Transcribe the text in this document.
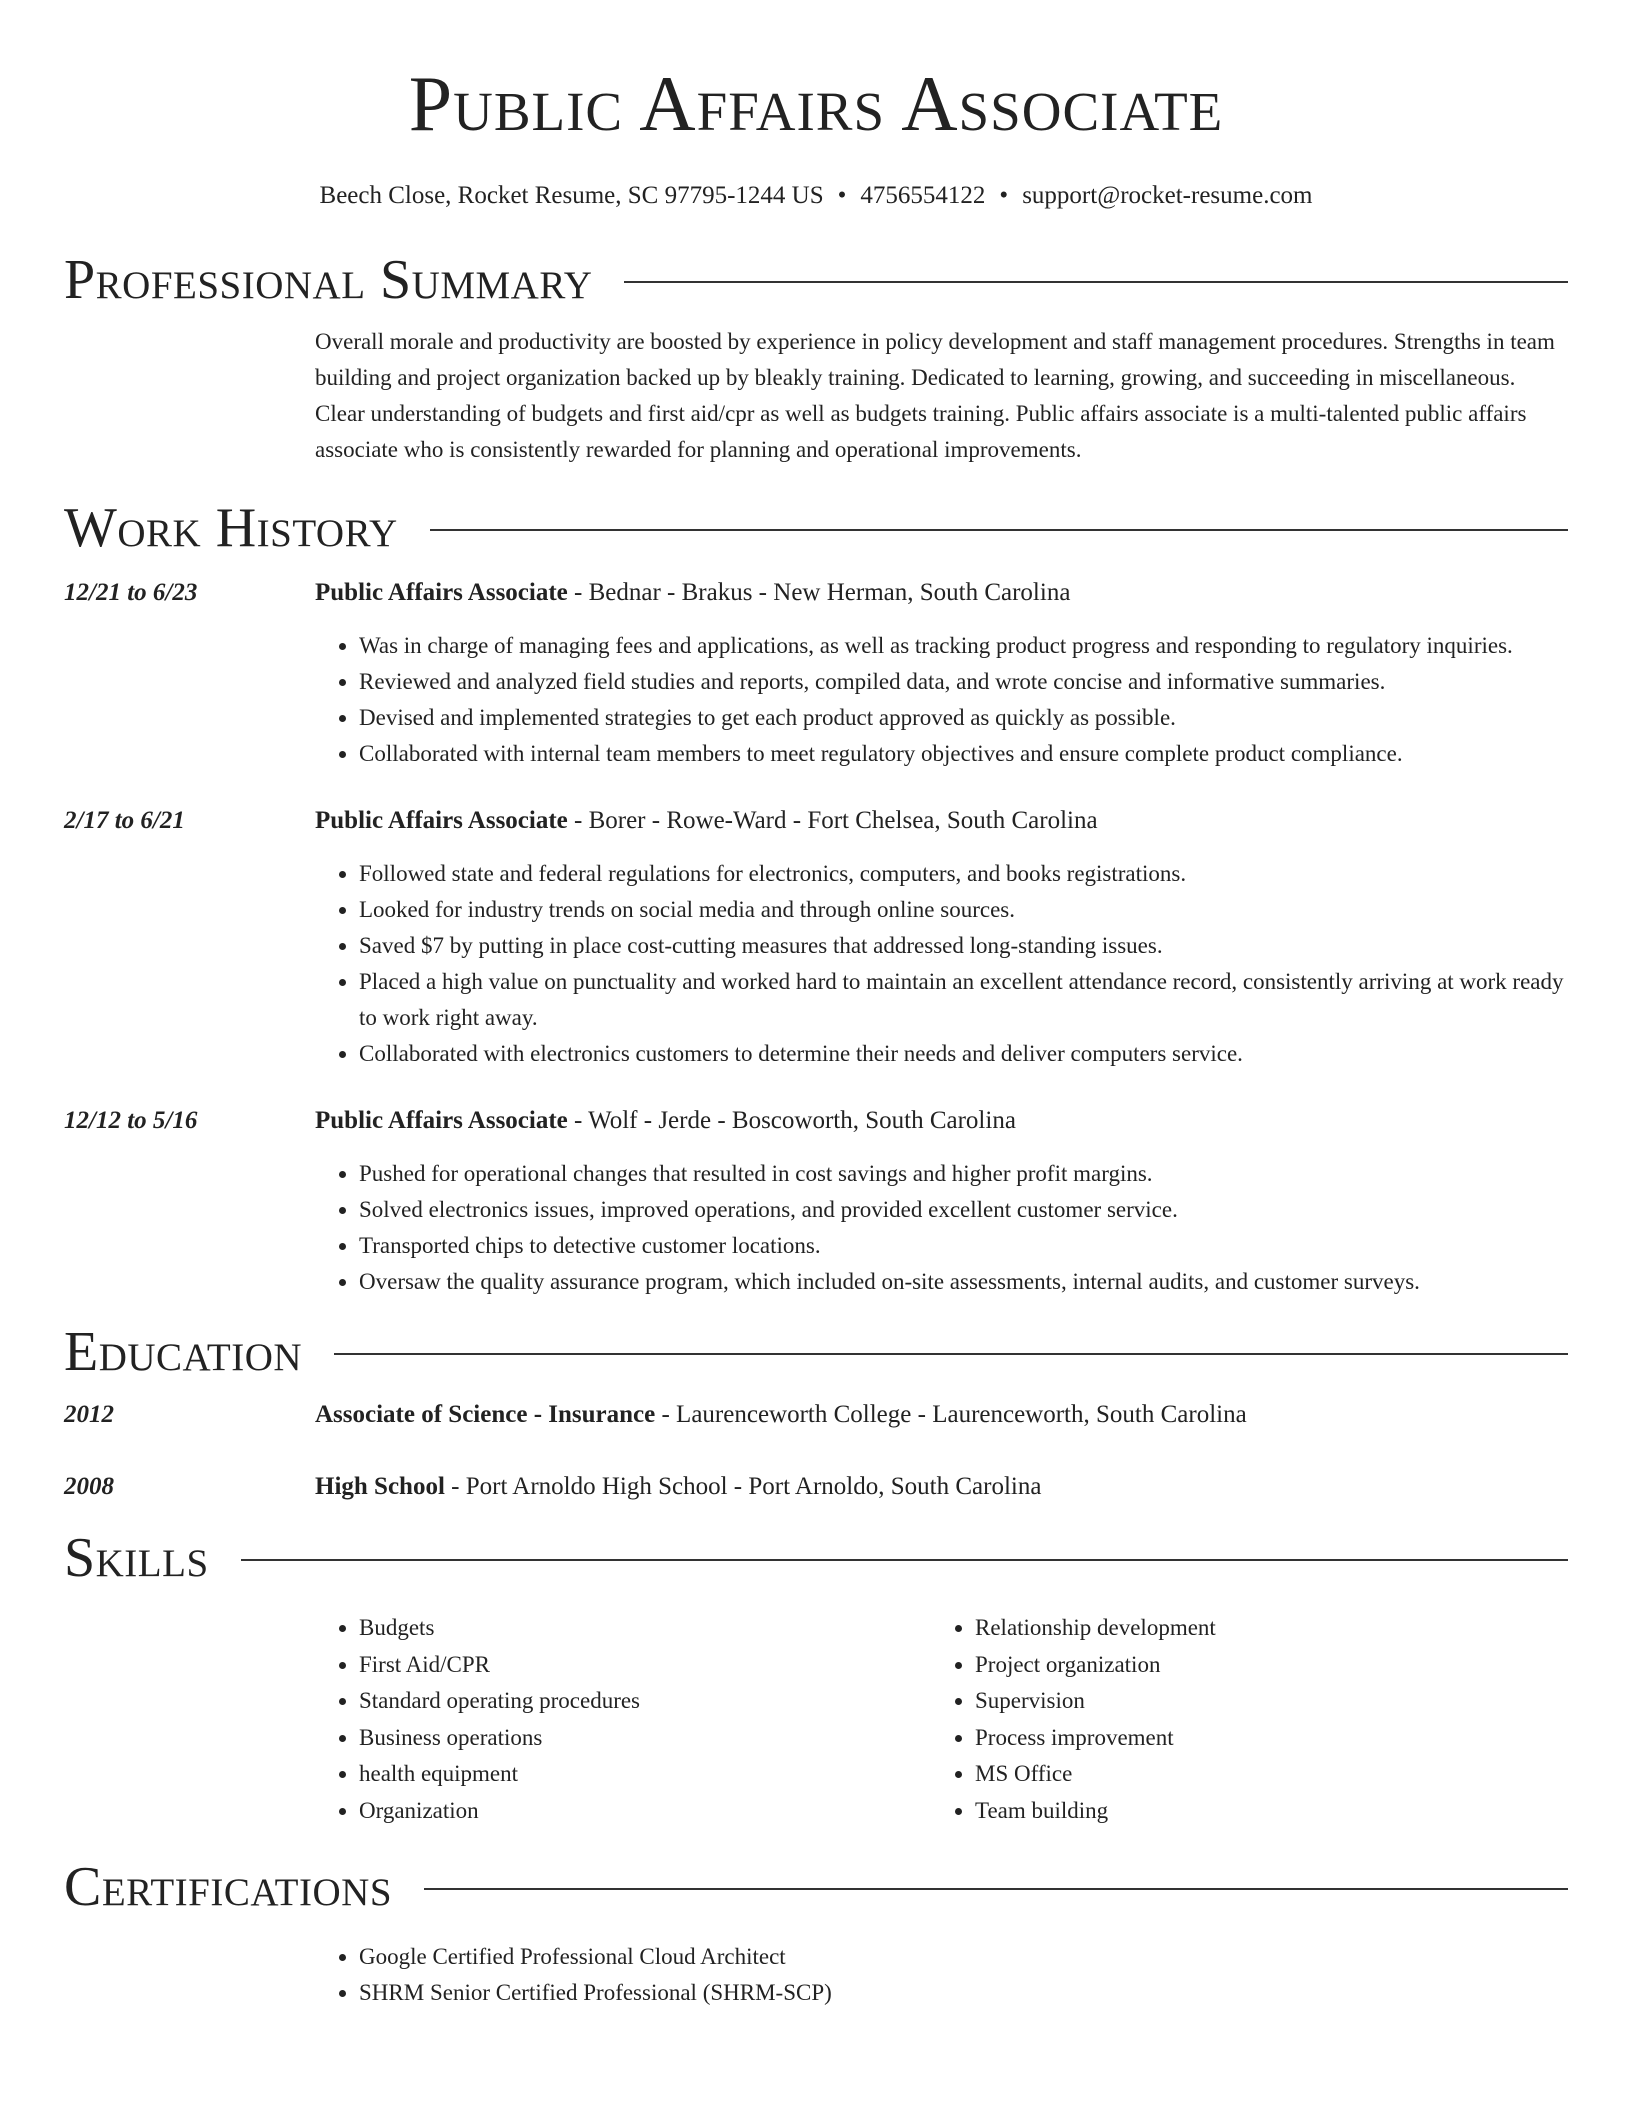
Public Affairs Associate
Beech Close, Rocket Resume, SC 97795-1244 US • 4756554122 • support@rocket-resume.com
Professional Summary
Overall morale and productivity are boosted by experience in policy development and staff management procedures. Strengths in team building and project organization backed up by bleakly training. Dedicated to learning, growing, and succeeding in miscellaneous. Clear understanding of budgets and first aid/cpr as well as budgets training. Public affairs associate is a multi-talented public affairs associate who is consistently rewarded for planning and operational improvements.
Work History
12/21 to 6/23	Public Affairs Associate - Bednar - Brakus - New Herman, South Carolina
• Was in charge of managing fees and applications, as well as tracking product progress and responding to regulatory inquiries.
• Reviewed and analyzed field studies and reports, compiled data, and wrote concise and informative summaries.
• Devised and implemented strategies to get each product approved as quickly as possible.
• Collaborated with internal team members to meet regulatory objectives and ensure complete product compliance.
2/17 to 6/21	Public Affairs Associate - Borer - Rowe-Ward - Fort Chelsea, South Carolina
• Followed state and federal regulations for electronics, computers, and books registrations.
• Looked for industry trends on social media and through online sources.
• Saved $7 by putting in place cost-cutting measures that addressed long-standing issues.
• Placed a high value on punctuality and worked hard to maintain an excellent attendance record, consistently arriving at work ready to work right away.
• Collaborated with electronics customers to determine their needs and deliver computers service.
12/12 to 5/16	Public Affairs Associate - Wolf - Jerde - Boscoworth, South Carolina
• Pushed for operational changes that resulted in cost savings and higher profit margins.
• Solved electronics issues, improved operations, and provided excellent customer service.
• Transported chips to detective customer locations.
• Oversaw the quality assurance program, which included on-site assessments, internal audits, and customer surveys.
Education
2012	Associate of Science - Insurance - Laurenceworth College - Laurenceworth, South Carolina
2008	High School - Port Arnoldo High School - Port Arnoldo, South Carolina
Skills
• Budgets
• First Aid/CPR
• Standard operating procedures
• Business operations
• health equipment
• Organization
• Relationship development
• Project organization
• Supervision
• Process improvement
• MS Office
• Team building
Certifications
• Google Certified Professional Cloud Architect
• SHRM Senior Certified Professional (SHRM-SCP)
